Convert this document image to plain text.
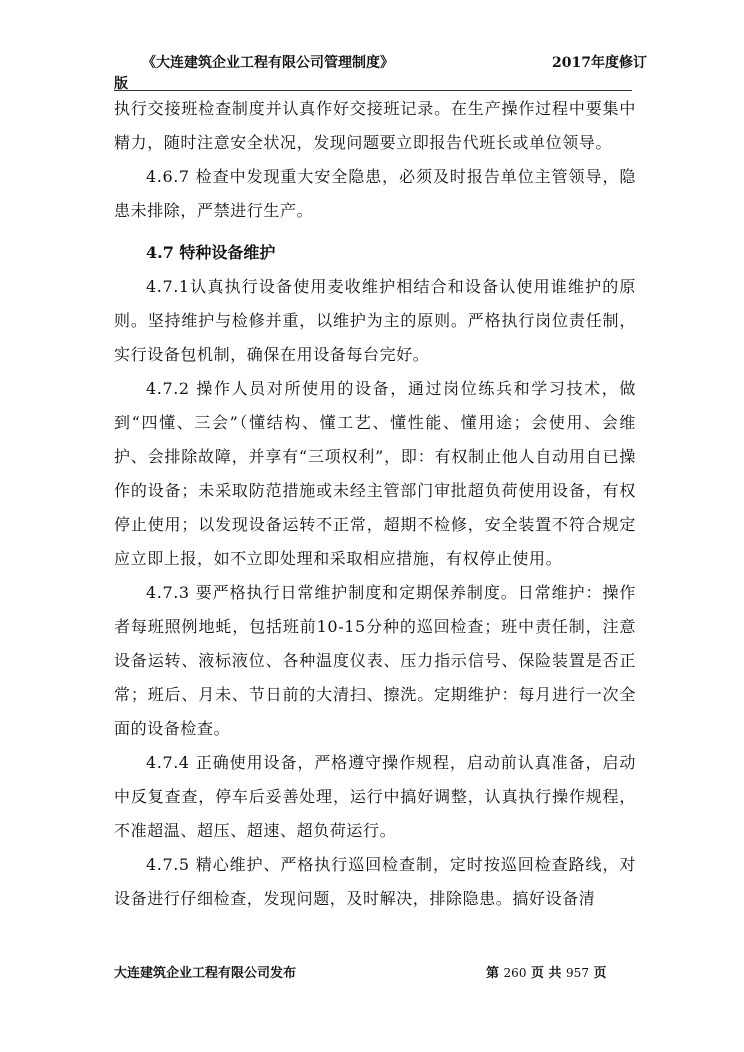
《大连建筑企业工程有限公司管理制度》	2017年度修订
版

执行交接班检查制度并认真作好交接班记录。在生产操作过程中要集中精力，随时注意安全状况，发现问题要立即报告代班长或单位领导。

4.6.7 检查中发现重大安全隐患，必须及时报告单位主管领导，隐患未排除，严禁进行生产。

4.7 特种设备维护

4.7.1认真执行设备使用麦收维护相结合和设备认使用谁维护的原则。坚持维护与检修并重，以维护为主的原则。严格执行岗位责任制，实行设备包机制，确保在用设备每台完好。

4.7.2 操作人员对所使用的设备，通过岗位练兵和学习技术，做到“四懂、三会”（懂结构、懂工艺、懂性能、懂用途；会使用、会维护、会排除故障，并享有“三项权利”，即：有权制止他人自动用自已操作的设备；未采取防范措施或未经主管部门审批超负荷使用设备，有权停止使用；以发现设备运转不正常，超期不检修，安全装置不符合规定应立即上报，如不立即处理和采取相应措施，有权停止使用。

4.7.3 要严格执行日常维护制度和定期保养制度。日常维护：操作者每班照例地蚝，包括班前10-15分种的巡回检查；班中责任制，注意设备运转、液标液位、各种温度仪表、压力指示信号、保险装置是否正常；班后、月未、节日前的大清扫、擦洗。定期维护：每月进行一次全面的设备检查。

4.7.4 正确使用设备，严格遵守操作规程，启动前认真准备，启动中反复查查，停车后妥善处理，运行中搞好调整，认真执行操作规程，不准超温、超压、超速、超负荷运行。

4.7.5 精心维护、严格执行巡回检查制，定时按巡回检查路线，对设备进行仔细检查，发现问题，及时解决，排除隐患。搞好设备清

大连建筑企业工程有限公司发布	第 260 页 共 957 页
